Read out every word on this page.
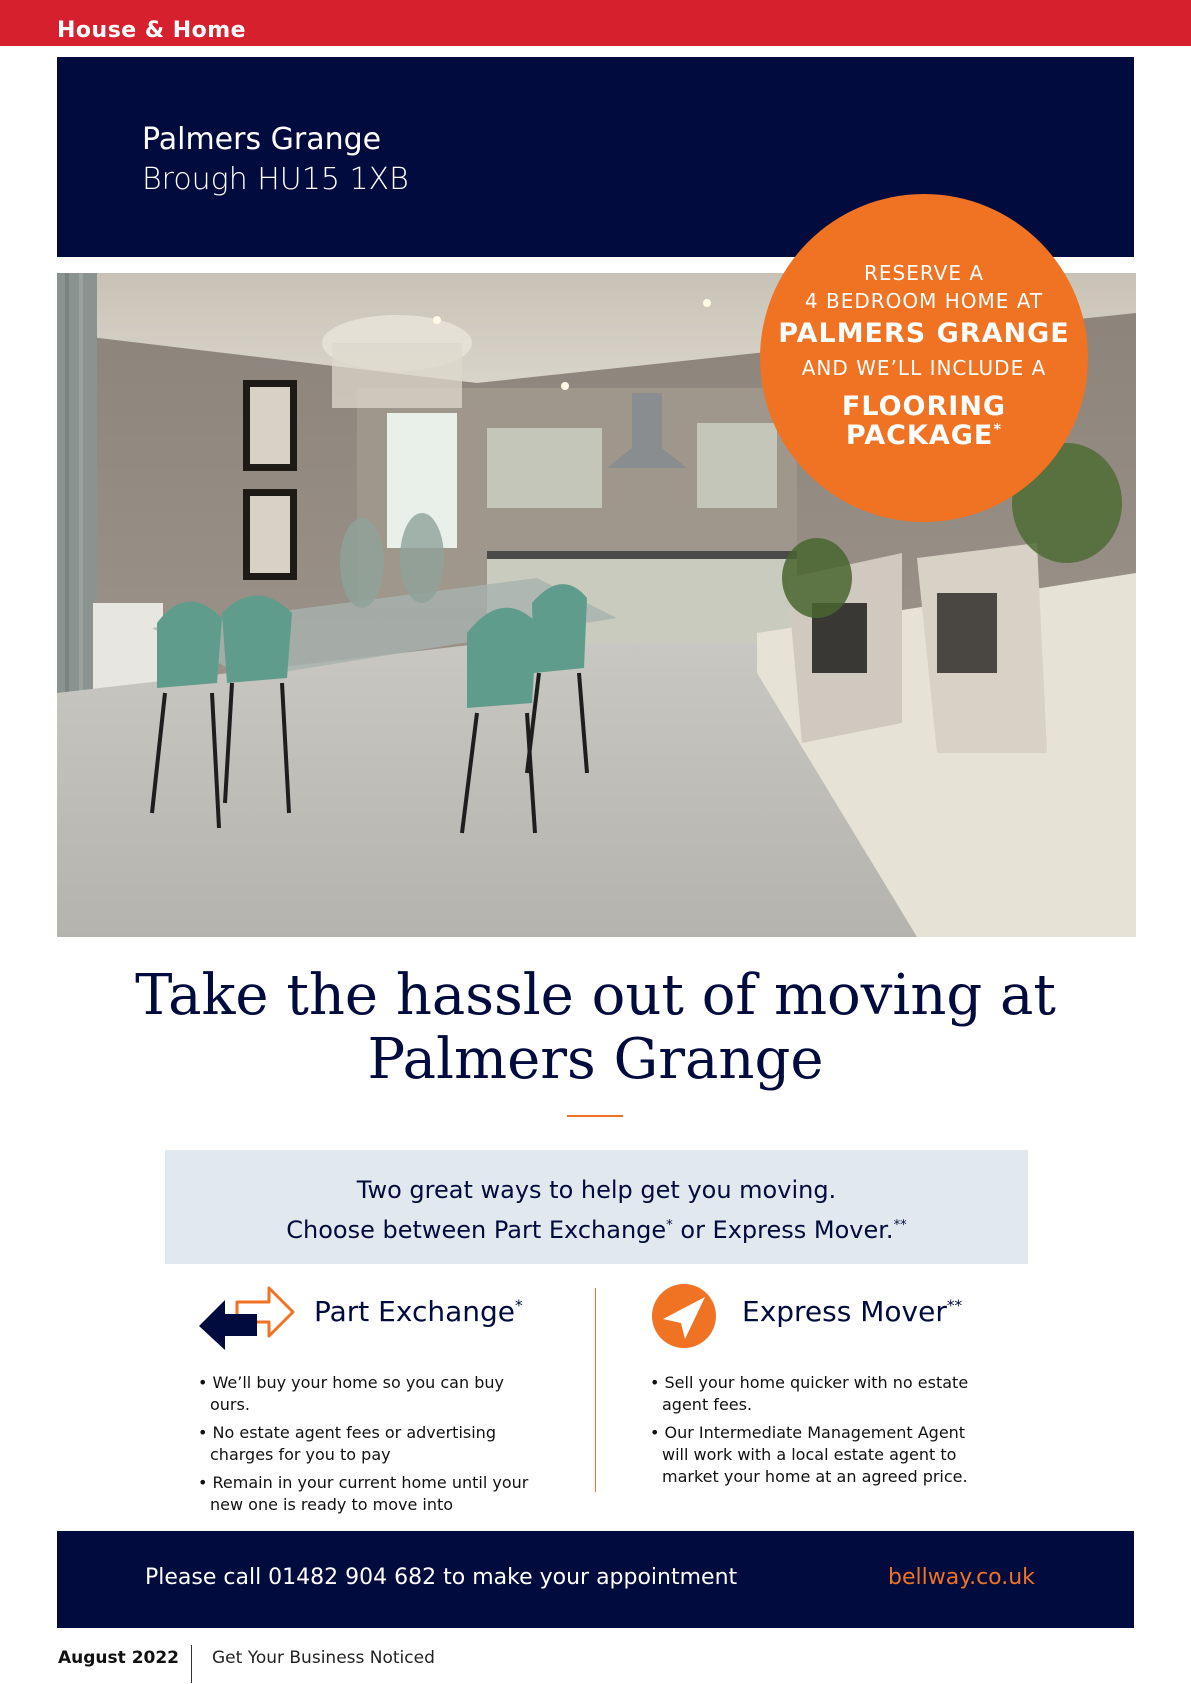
House & Home
Palmers Grange
Brough HU15 1XB
RESERVE A
4 BEDROOM HOME AT
PALMERS GRANGE
AND WE’LL INCLUDE A
FLOORING
PACKAGE*
Take the hassle out of moving at
Palmers Grange
Two great ways to help get you moving.
Choose between Part Exchange* or Express Mover.**
Part Exchange*
• We’ll buy your home so you can buy ours.
• No estate agent fees or advertising charges for you to pay
• Remain in your current home until your new one is ready to move into
Express Mover**
• Sell your home quicker with no estate agent fees.
• Our Intermediate Management Agent will work with a local estate agent to market your home at an agreed price.
Please call 01482 904 682 to make your appointment	bellway.co.uk
August 2022 Get Your Business Noticed
